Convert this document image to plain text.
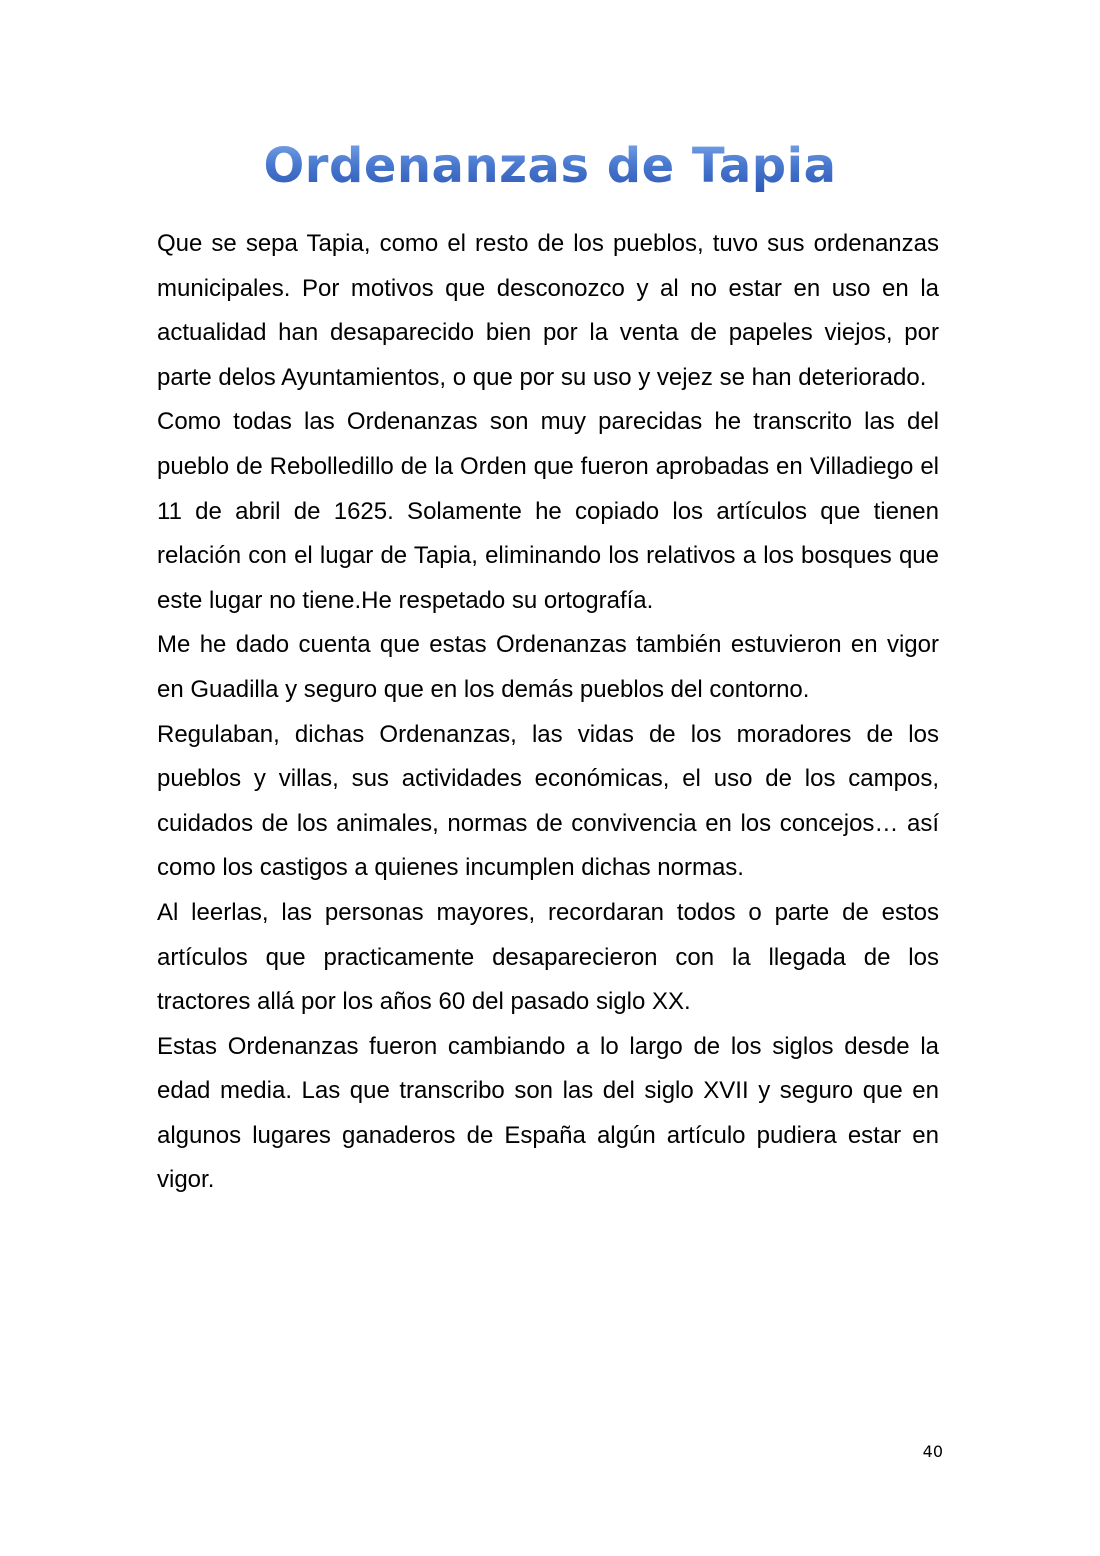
Ordenanzas de Tapia

Que se sepa Tapia, como el resto de los pueblos, tuvo sus ordenanzas municipales. Por motivos que desconozco y al no estar en uso en la actualidad han desaparecido bien por la venta de papeles viejos, por parte delos Ayuntamientos, o que por su uso y vejez se han deteriorado.

Como todas las Ordenanzas son muy parecidas he transcrito las del pueblo de Rebolledillo de la Orden que fueron aprobadas en Villadiego el 11 de abril de 1625. Solamente he copiado los artículos que tienen relación con el lugar de Tapia, eliminando los relativos a los bosques que este lugar no tiene.He respetado su ortografía.

Me he dado cuenta que estas Ordenanzas también estuvieron en vigor en Guadilla y seguro que en los demás pueblos del contorno.

Regulaban, dichas Ordenanzas, las vidas de los moradores de los pueblos y villas, sus actividades económicas, el uso de los campos, cuidados de los animales, normas de convivencia en los concejos… así como los castigos a quienes incumplen dichas normas.

Al leerlas, las personas mayores, recordaran todos o parte de estos artículos que practicamente desaparecieron con la llegada de los tractores allá por los años 60 del pasado siglo XX.

Estas Ordenanzas fueron cambiando a lo largo de los siglos desde la edad media. Las que transcribo son las del siglo XVII y seguro que en algunos lugares ganaderos de España algún artículo pudiera estar en vigor.

40
